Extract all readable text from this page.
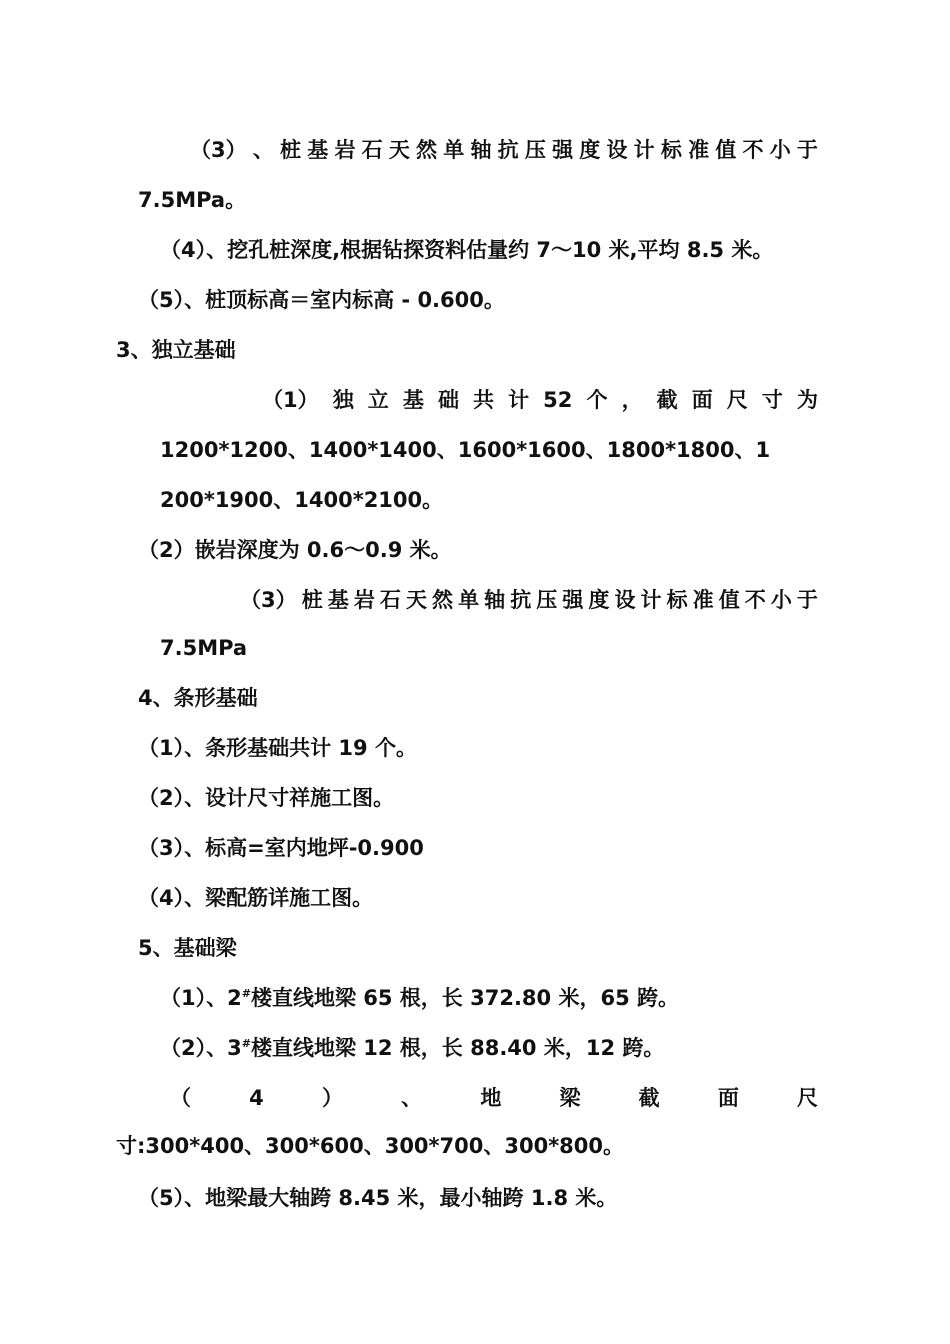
（3） 、 桩 基 岩 石 天 然 单 轴 抗 压 强 度 设 计 标 准 值 不 小 于
7.5MPa。
（4）、挖孔桩深度,根据钻探资料估量约 7～10 米,平均 8.5 米。
（5）、桩顶标高＝室内标高 - 0.600。
3、独立基础
（1） 独 立 基 础 共 计 52 个 ， 截 面 尺 寸 为
1200*1200、1400*1400、1600*1600、1800*1800、1
200*1900、1400*2100。
（2）嵌岩深度为 0.6～0.9 米。
（3） 桩 基 岩 石 天 然 单 轴 抗 压 强 度 设 计 标 准 值 不 小 于
7.5MPa
4、条形基础
（1）、条形基础共计 19 个。
（2）、设计尺寸祥施工图。
（3）、标高=室内地坪-0.900
（4）、梁配筋详施工图。
5、基础梁
（1）、2#楼直线地梁 65 根，长 372.80 米，65 跨。
（2）、3#楼直线地梁 12 根，长 88.40 米，12 跨。
（	4	）	、	地	梁	截	面	尺
寸:300*400、300*600、300*700、300*800。
（5）、地梁最大轴跨 8.45 米，最小轴跨 1.8 米。
